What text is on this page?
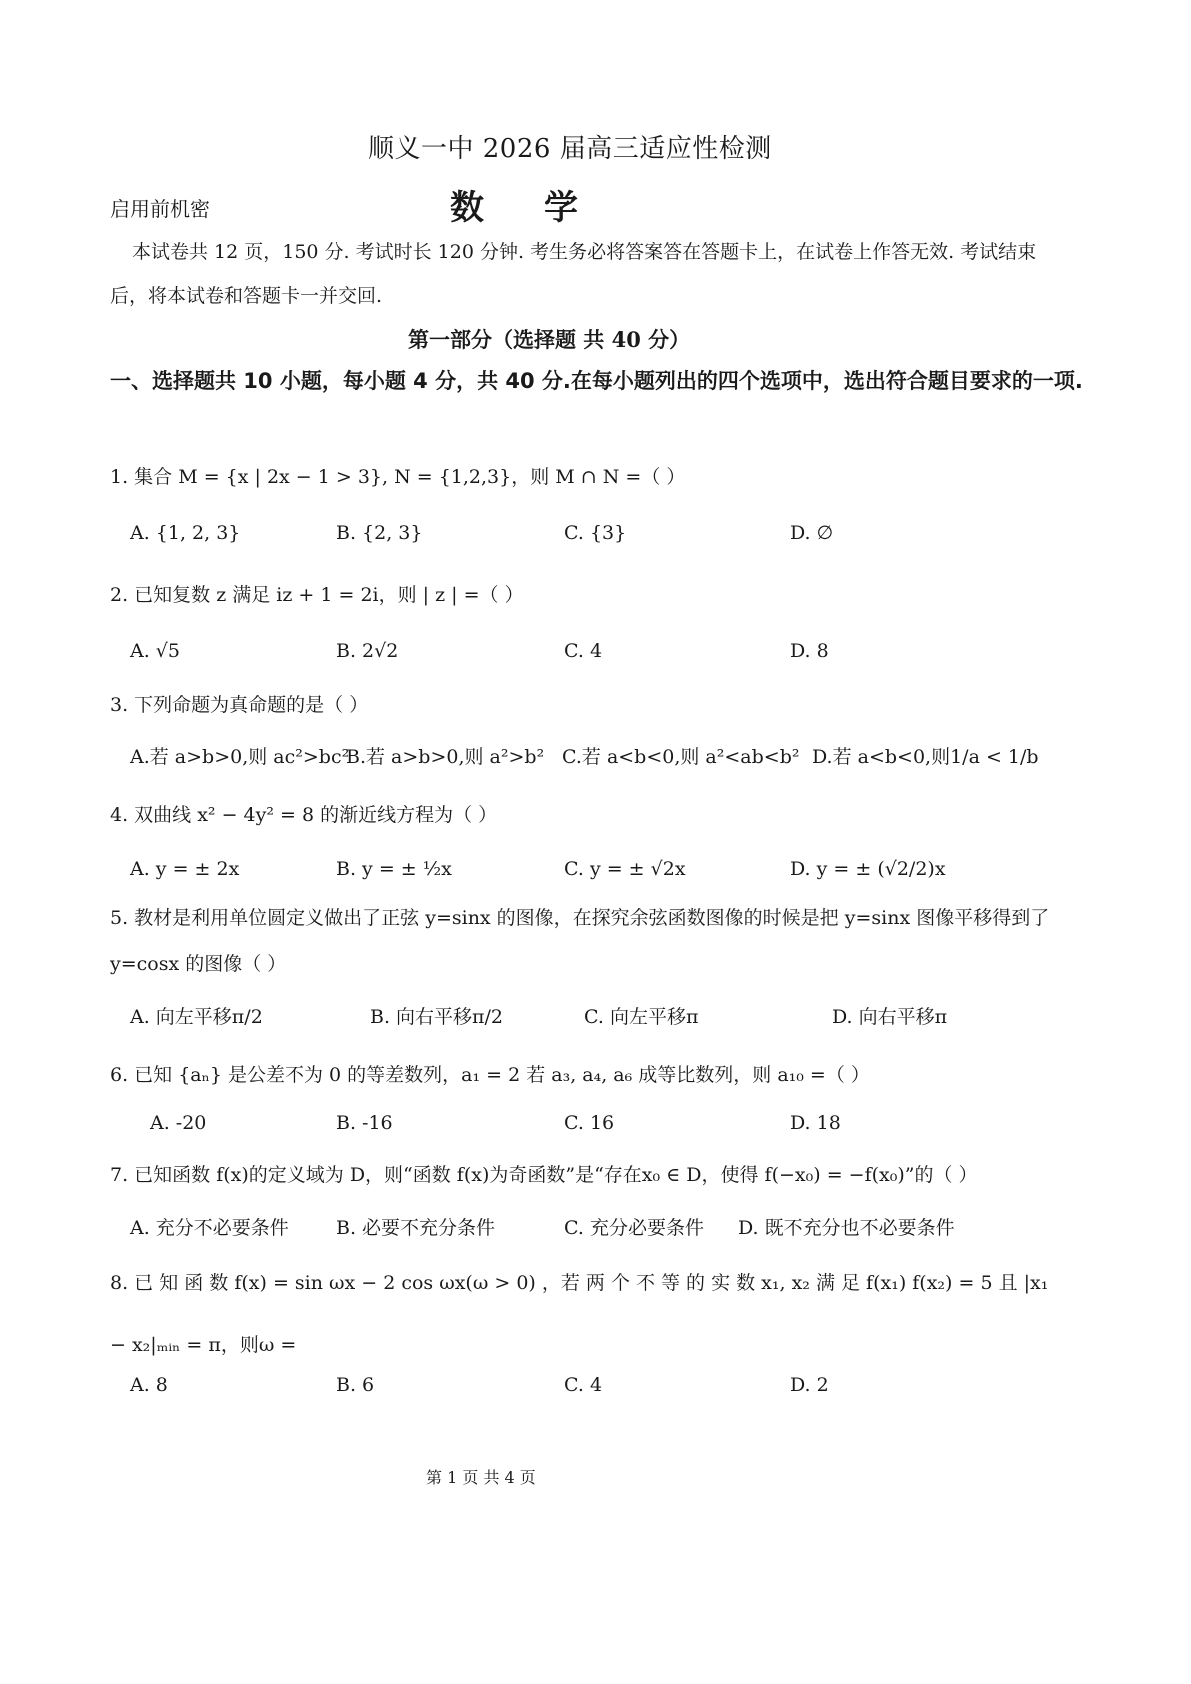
顺义一中 2026 届高三适应性检测
启用前机密	数学
本试卷共 12 页，150 分. 考试时长 120 分钟. 考生务必将答案答在答题卡上，在试卷上作答无效. 考试结束后，将本试卷和答题卡一并交回.
第一部分（选择题 共 40 分）
一、选择题共 10 小题，每小题 4 分，共 40 分.在每小题列出的四个选项中，选出符合题目要求的一项.
1. 集合 M = {x | 2x − 1 > 3}, N = {1,2,3}，则 M ∩ N =（ ）
A. {1, 2, 3}	B. {2, 3}	C. {3}	D. ∅
2. 已知复数 z 满足 iz + 1 = 2i，则 | z | =（ ）
A. √5	B. 2√2	C. 4	D. 8
3. 下列命题为真命题的是（ ）
A.若 a>b>0,则 ac²>bc²
B.若 a>b>0,则 a²>b² C.若 a<b<0,则 a²<ab<b² D.若 a<b<0,则1/a < 1/b
4. 双曲线 x² − 4y² = 8 的渐近线方程为（ ）
A. y = ± 2x	B. y = ± ½x	C. y = ± √2x	D. y = ± (√2/2)x
5. 教材是利用单位圆定义做出了正弦 y=sinx 的图像，在探究余弦函数图像的时候是把 y=sinx 图像平移得到了 y=cosx 的图像（ ）
A. 向左平移π/2	B. 向右平移π/2	C. 向左平移π	D. 向右平移π
6. 已知 {aₙ} 是公差不为 0 的等差数列，a₁ = 2 若 a₃, a₄, a₆ 成等比数列，则 a₁₀ =（ ）
A. -20	B. -16	C. 16	D. 18
7. 已知函数 f(x)的定义域为 D，则“函数 f(x)为奇函数”是“存在x₀ ∈ D，使得 f(−x₀) = −f(x₀)”的（ ）
A. 充分不必要条件 B. 必要不充分条件	C. 充分必要条件 D. 既不充分也不必要条件
8. 已 知 函 数 f(x) = sin ωx − 2 cos ωx(ω > 0) ，若 两 个 不 等 的 实 数 x₁, x₂ 满 足 f(x₁) f(x₂) = 5 且 |x₁ − x₂|ₘᵢₙ = π，则ω =
A. 8	B. 6	C. 4	D. 2
第 1 页 共 4 页
